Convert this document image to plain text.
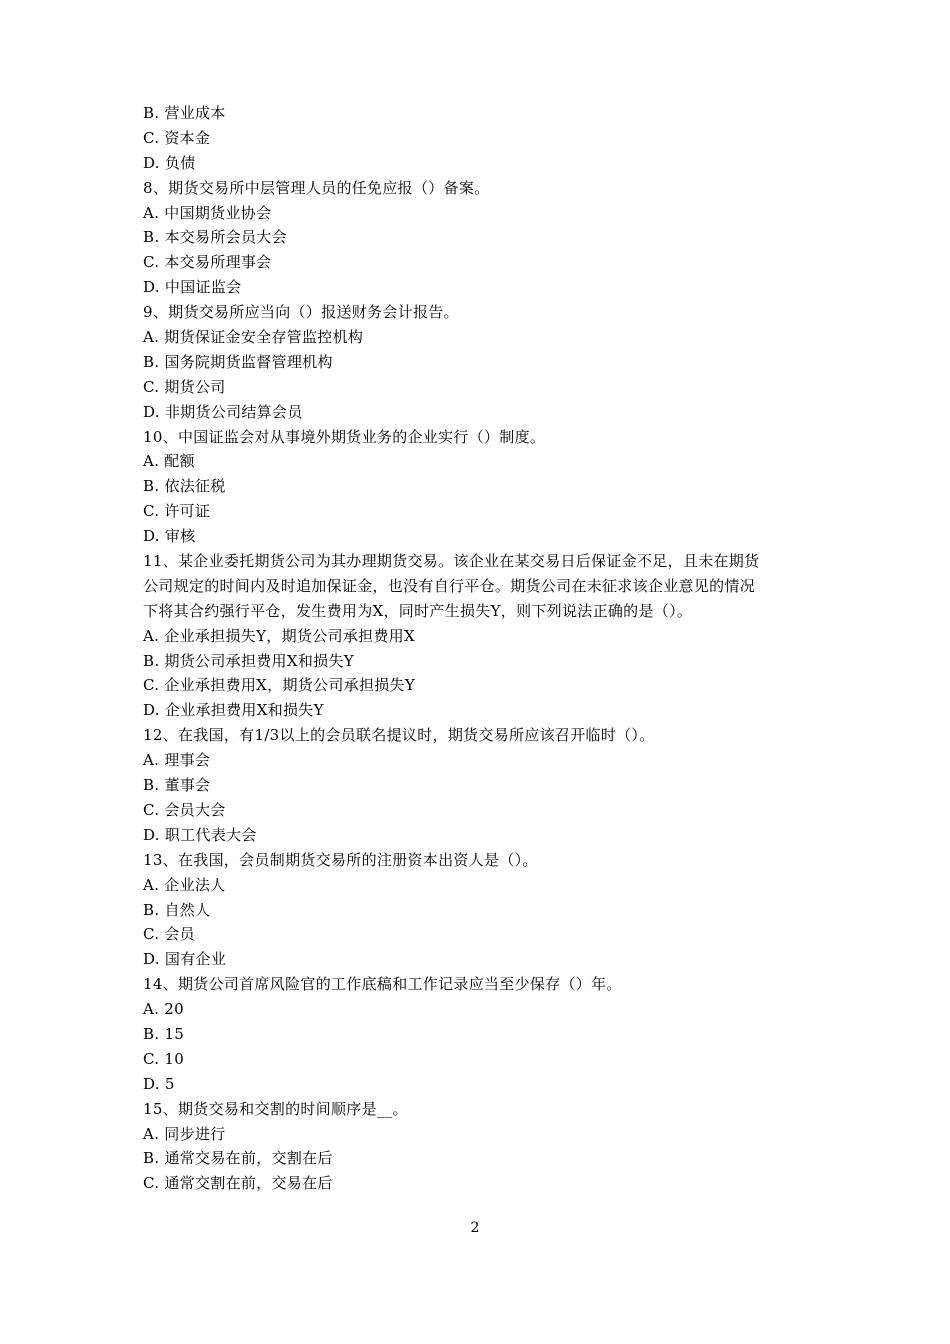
B. 营业成本
C. 资本金
D. 负债
8、期货交易所中层管理人员的任免应报（）备案。
A. 中国期货业协会
B. 本交易所会员大会
C. 本交易所理事会
D. 中国证监会
9、期货交易所应当向（）报送财务会计报告。
A. 期货保证金安全存管监控机构
B. 国务院期货监督管理机构
C. 期货公司
D. 非期货公司结算会员
10、中国证监会对从事境外期货业务的企业实行（）制度。
A. 配额
B. 依法征税
C. 许可证
D. 审核
11、某企业委托期货公司为其办理期货交易。该企业在某交易日后保证金不足，且未在期货
公司规定的时间内及时追加保证金，也没有自行平仓。期货公司在未征求该企业意见的情况
下将其合约强行平仓，发生费用为X，同时产生损失Y，则下列说法正确的是（）。
A. 企业承担损失Y，期货公司承担费用X
B. 期货公司承担费用X和损失Y
C. 企业承担费用X，期货公司承担损失Y
D. 企业承担费用X和损失Y
12、在我国，有1/3以上的会员联名提议时，期货交易所应该召开临时（）。
A. 理事会
B. 董事会
C. 会员大会
D. 职工代表大会
13、在我国，会员制期货交易所的注册资本出资人是（）。
A. 企业法人
B. 自然人
C. 会员
D. 国有企业
14、期货公司首席风险官的工作底稿和工作记录应当至少保存（）年。
A. 20
B. 15
C. 10
D. 5
15、期货交易和交割的时间顺序是__。
A. 同步进行
B. 通常交易在前，交割在后
C. 通常交割在前，交易在后
2
